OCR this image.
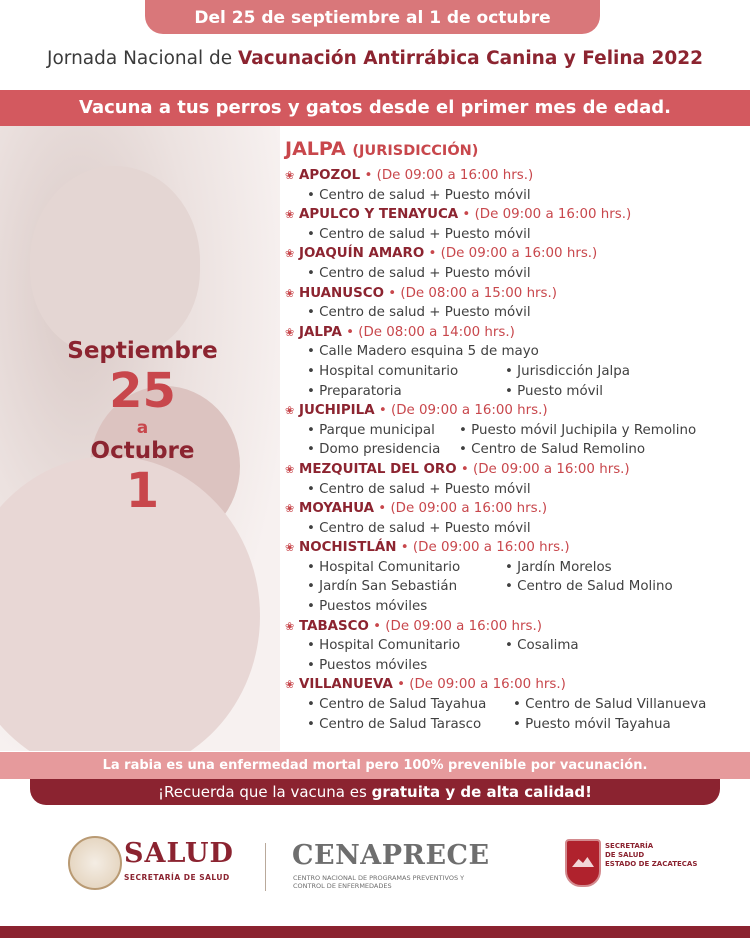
Del 25 de septiembre al 1 de octubre
Jornada Nacional de Vacunación Antirrábica Canina y Felina 2022
Vacuna a tus perros y gatos desde el primer mes de edad.
Septiembre
25
a
Octubre
1
JALPA (JURISDICCIÓN)
❀ APOZOL • (De 09:00 a 16:00 hrs.)
• Centro de salud + Puesto móvil
❀ APULCO Y TENAYUCA • (De 09:00 a 16:00 hrs.)
• Centro de salud + Puesto móvil
❀ JOAQUÍN AMARO • (De 09:00 a 16:00 hrs.)
• Centro de salud + Puesto móvil
❀ HUANUSCO • (De 08:00 a 15:00 hrs.)
• Centro de salud + Puesto móvil
❀ JALPA • (De 08:00 a 14:00 hrs.)
• Calle Madero esquina 5 de mayo
• Hospital comunitario	• Jurisdicción Jalpa
• Preparatoria	• Puesto móvil
❀ JUCHIPILA • (De 09:00 a 16:00 hrs.)
• Parque municipal	• Puesto móvil Juchipila y Remolino
• Domo presidencia	• Centro de Salud Remolino
❀ MEZQUITAL DEL ORO • (De 09:00 a 16:00 hrs.)
• Centro de salud + Puesto móvil
❀ MOYAHUA • (De 09:00 a 16:00 hrs.)
• Centro de salud + Puesto móvil
❀ NOCHISTLÁN • (De 09:00 a 16:00 hrs.)
• Hospital Comunitario	• Jardín Morelos
• Jardín San Sebastián	• Centro de Salud Molino
• Puestos móviles
❀ TABASCO • (De 09:00 a 16:00 hrs.)
• Hospital Comunitario	• Cosalima
• Puestos móviles
❀ VILLANUEVA • (De 09:00 a 16:00 hrs.)
• Centro de Salud Tayahua	• Centro de Salud Villanueva
• Centro de Salud Tarasco	• Puesto móvil Tayahua
La rabia es una enfermedad mortal pero 100% prevenible por vacunación.
¡Recuerda que la vacuna es gratuita y de alta calidad!
SALUD
SECRETARÍA DE SALUD
CENAPRECE
CENTRO NACIONAL DE PROGRAMAS PREVENTIVOS Y CONTROL DE ENFERMEDADES
SECRETARÍA
DE SALUD
ESTADO DE ZACATECAS
